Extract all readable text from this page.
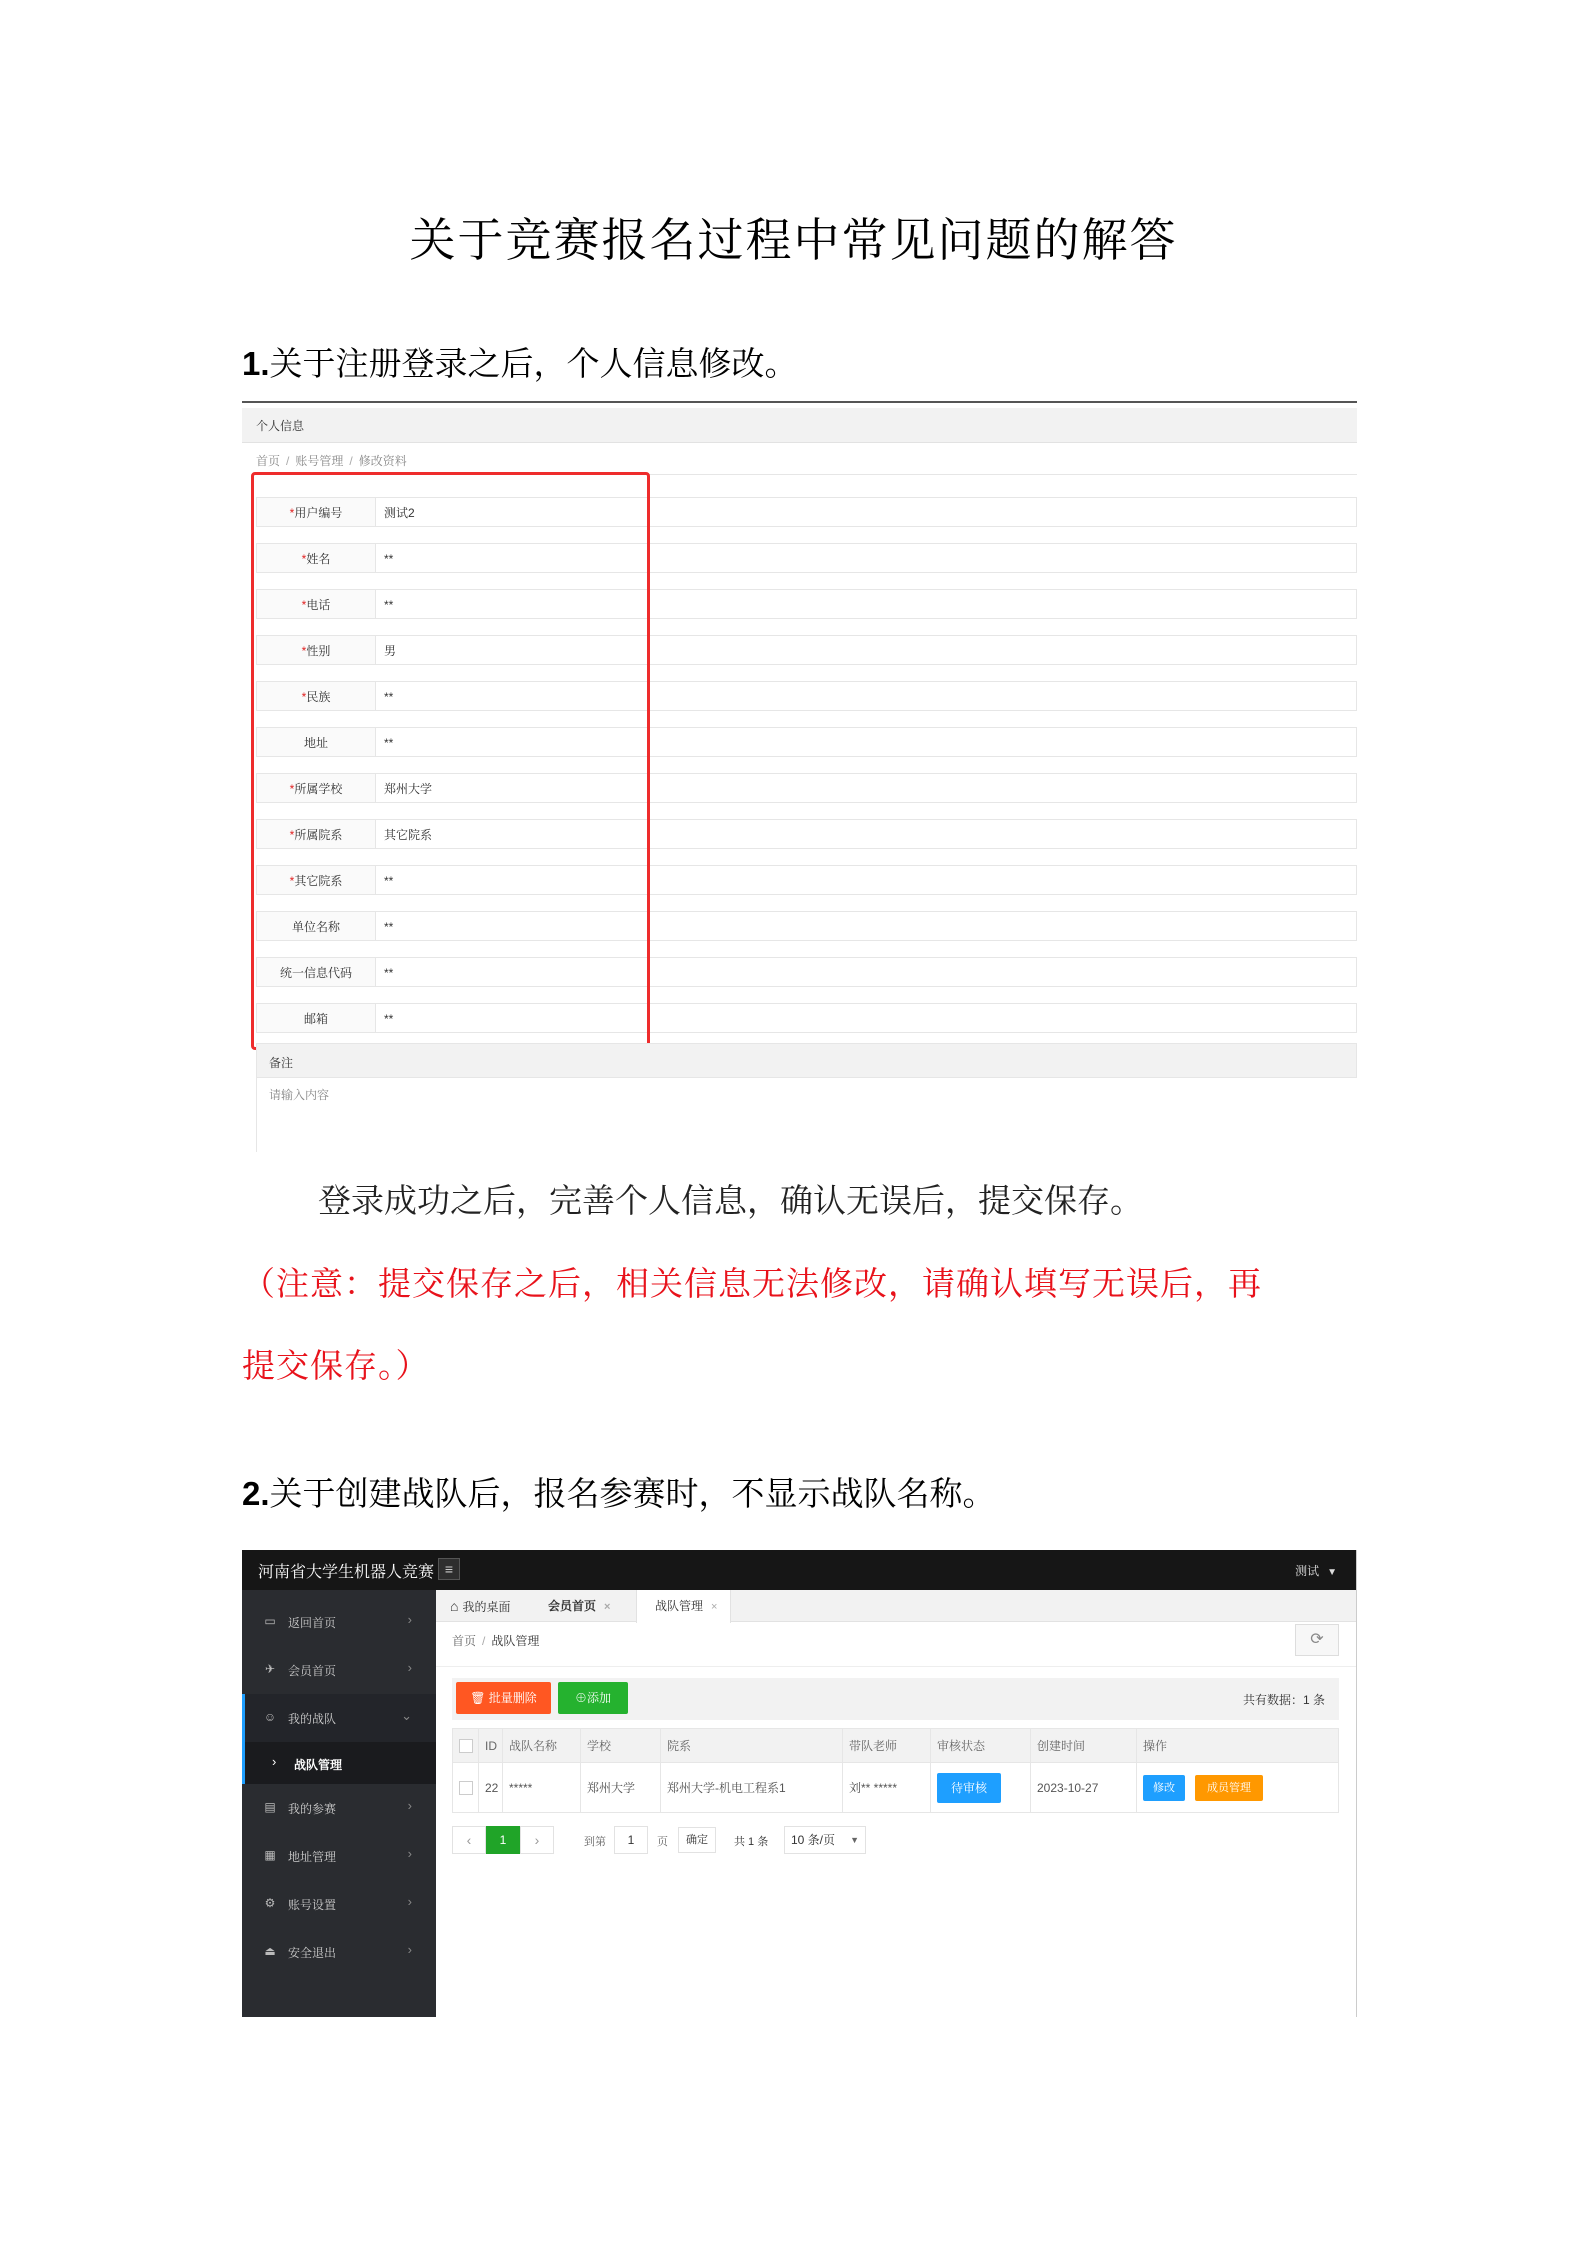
关于竞赛报名过程中常见问题的解答
1.关于注册登录之后，个人信息修改。
个人信息
首页 / 账号管理 / 修改资料
*用户编号	测试2
*姓名	**
*电话	**
*性别	男
*民族	**
地址	**
*所属学校	郑州大学
*所属院系	其它院系
*其它院系	**
单位名称	**
统一信息代码	**
邮箱	**
备注
请输入内容
登录成功之后，完善个人信息，确认无误后，提交保存。
（注意：提交保存之后，相关信息无法修改，请确认填写无误后，再
提交保存。）
2.关于创建战队后，报名参赛时，不显示战队名称。
河南省大学生机器人竞赛 ≡	测试 ▼
▭ 返回首页	›
✈ 会员首页	›
☺ 我的战队	⌄
› 战队管理
▤ 我的参赛	›
▦ 地址管理	›
⚙ 账号设置	›
⏏ 安全退出	›
⌂ 我的桌面	会员首页 ×	战队管理 ×
首页 / 战队管理	⟳
🗑 批量删除	⊕添加	共有数据：1 条
	ID	战队名称	学校	院系	带队老师	审核状态	创建时间	操作
	22	*****	郑州大学	郑州大学-机电工程系1	刘** *****	待审核	2023-10-27	修改 成员管理
‹	1	›	到第	1	页	确定	共 1 条	10 条/页 ▼
